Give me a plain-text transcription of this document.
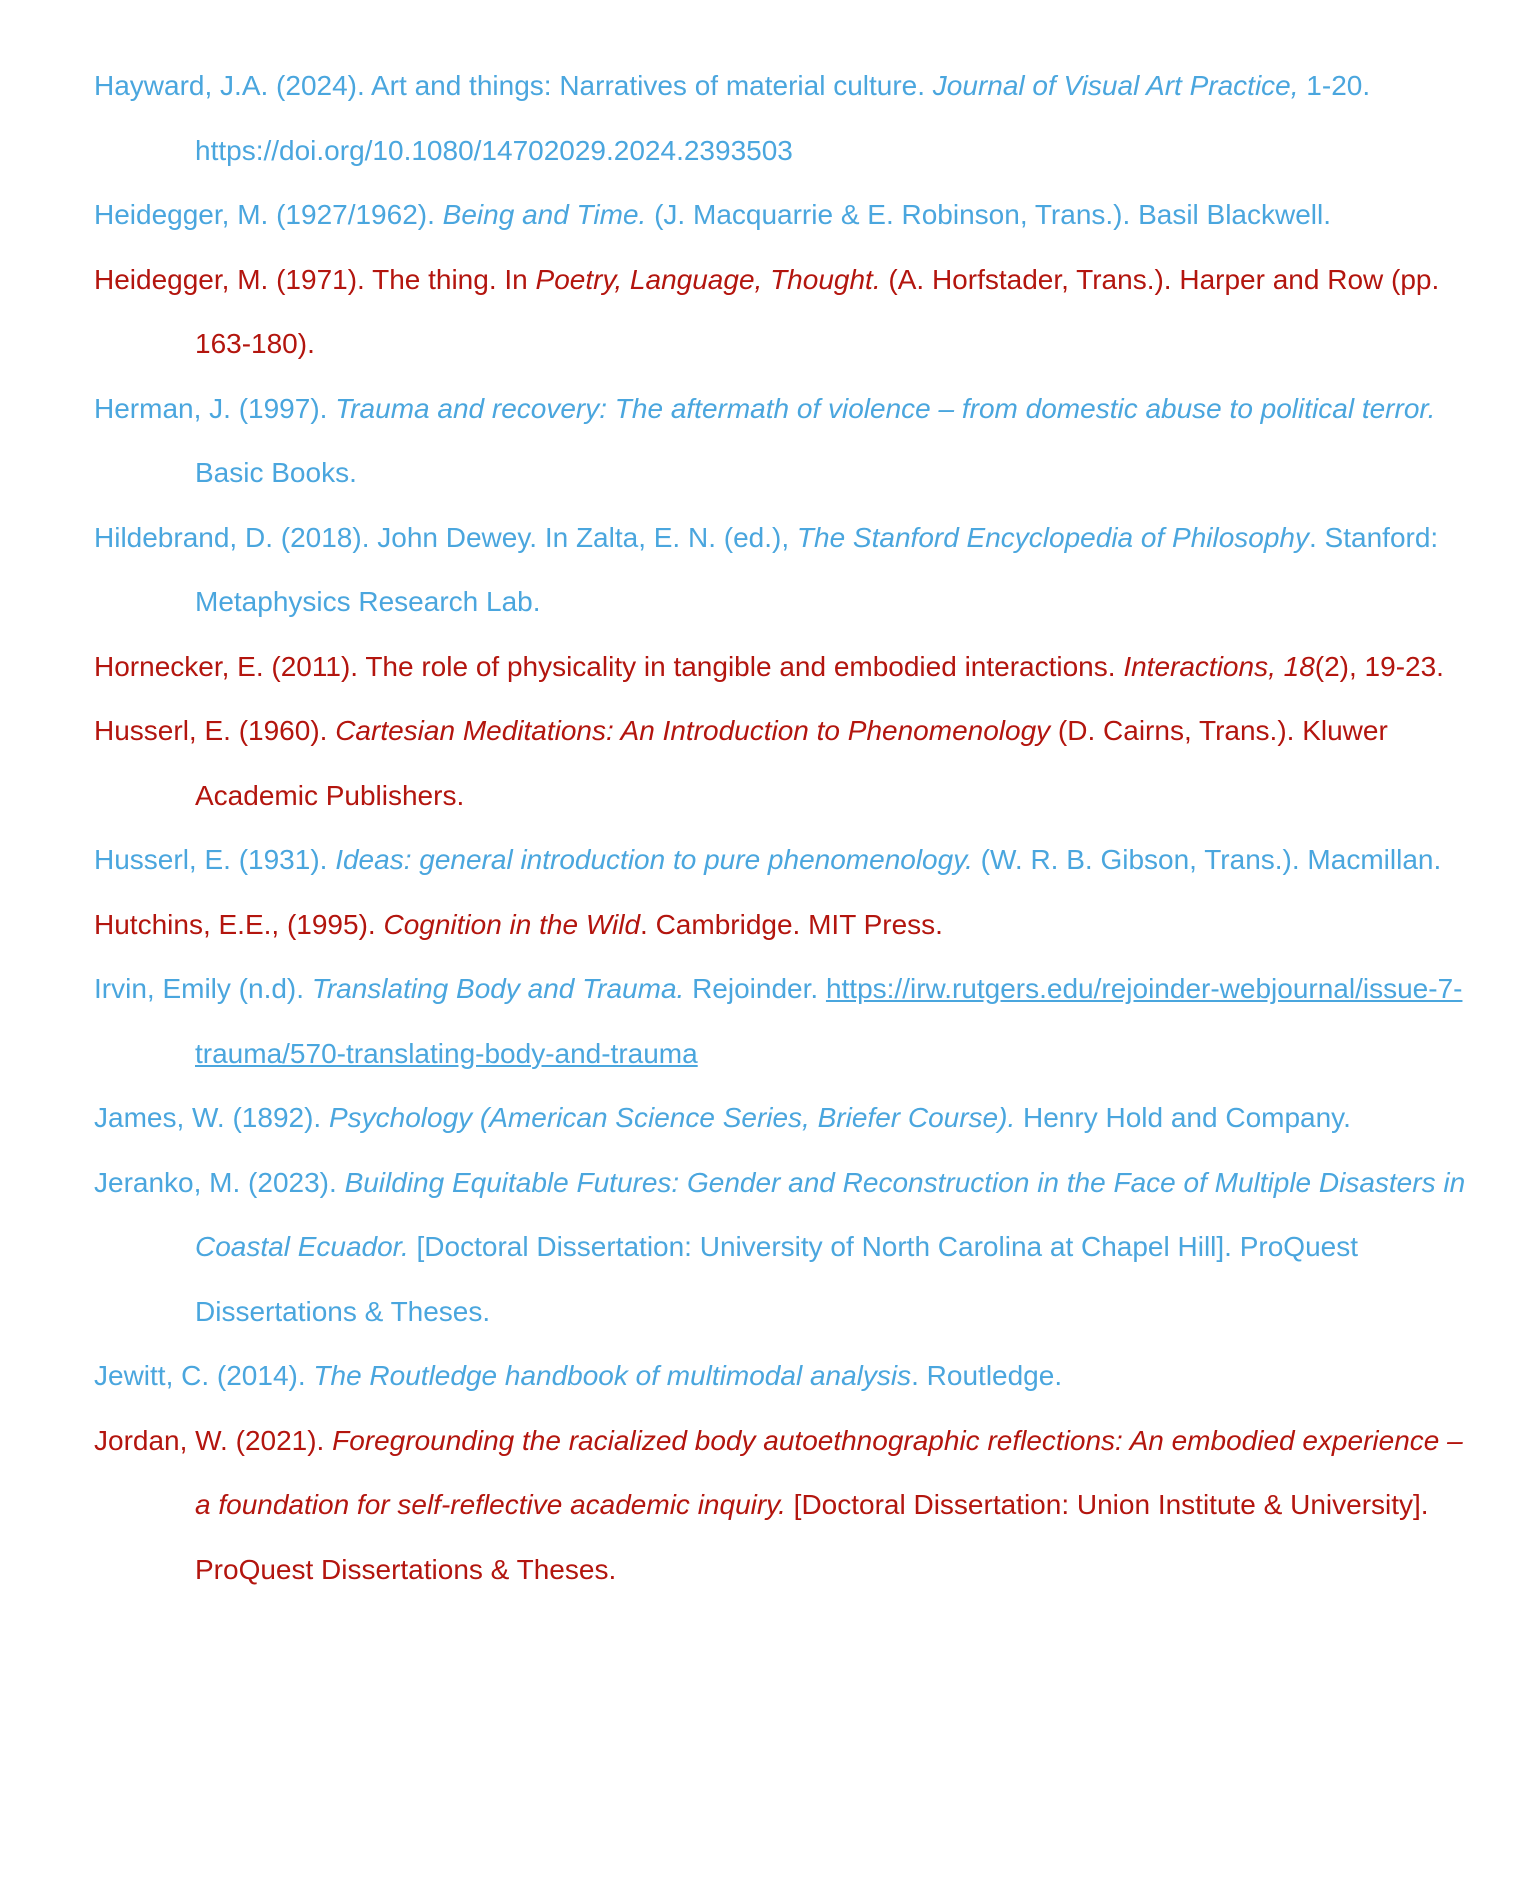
Hayward, J.A. (2024). Art and things: Narratives of material culture. Journal of Visual Art Practice, 1-20. https://doi.org/10.1080/14702029.2024.2393503

Heidegger, M. (1927/1962). Being and Time. (J. Macquarrie & E. Robinson, Trans.). Basil Blackwell.

Heidegger, M. (1971). The thing. In Poetry, Language, Thought. (A. Horfstader, Trans.). Harper and Row (pp. 163-180).

Herman, J. (1997). Trauma and recovery: The aftermath of violence – from domestic abuse to political terror. Basic Books.

Hildebrand, D. (2018). John Dewey. In Zalta, E. N. (ed.), The Stanford Encyclopedia of Philosophy. Stanford: Metaphysics Research Lab.

Hornecker, E. (2011). The role of physicality in tangible and embodied interactions. Interactions, 18(2), 19-23.

Husserl, E. (1960). Cartesian Meditations: An Introduction to Phenomenology (D. Cairns, Trans.). Kluwer Academic Publishers.

Husserl, E. (1931). Ideas: general introduction to pure phenomenology. (W. R. B. Gibson, Trans.). Macmillan.

Hutchins, E.E., (1995). Cognition in the Wild. Cambridge. MIT Press.

Irvin, Emily (n.d). Translating Body and Trauma. Rejoinder. https://irw.rutgers.edu/rejoinder-webjournal/issue-7-trauma/570-translating-body-and-trauma

James, W. (1892). Psychology (American Science Series, Briefer Course). Henry Hold and Company.

Jeranko, M. (2023). Building Equitable Futures: Gender and Reconstruction in the Face of Multiple Disasters in Coastal Ecuador. [Doctoral Dissertation: University of North Carolina at Chapel Hill]. ProQuest Dissertations & Theses.

Jewitt, C. (2014). The Routledge handbook of multimodal analysis. Routledge.

Jordan, W. (2021). Foregrounding the racialized body autoethnographic reflections: An embodied experience – a foundation for self-reflective academic inquiry. [Doctoral Dissertation: Union Institute & University]. ProQuest Dissertations & Theses.
